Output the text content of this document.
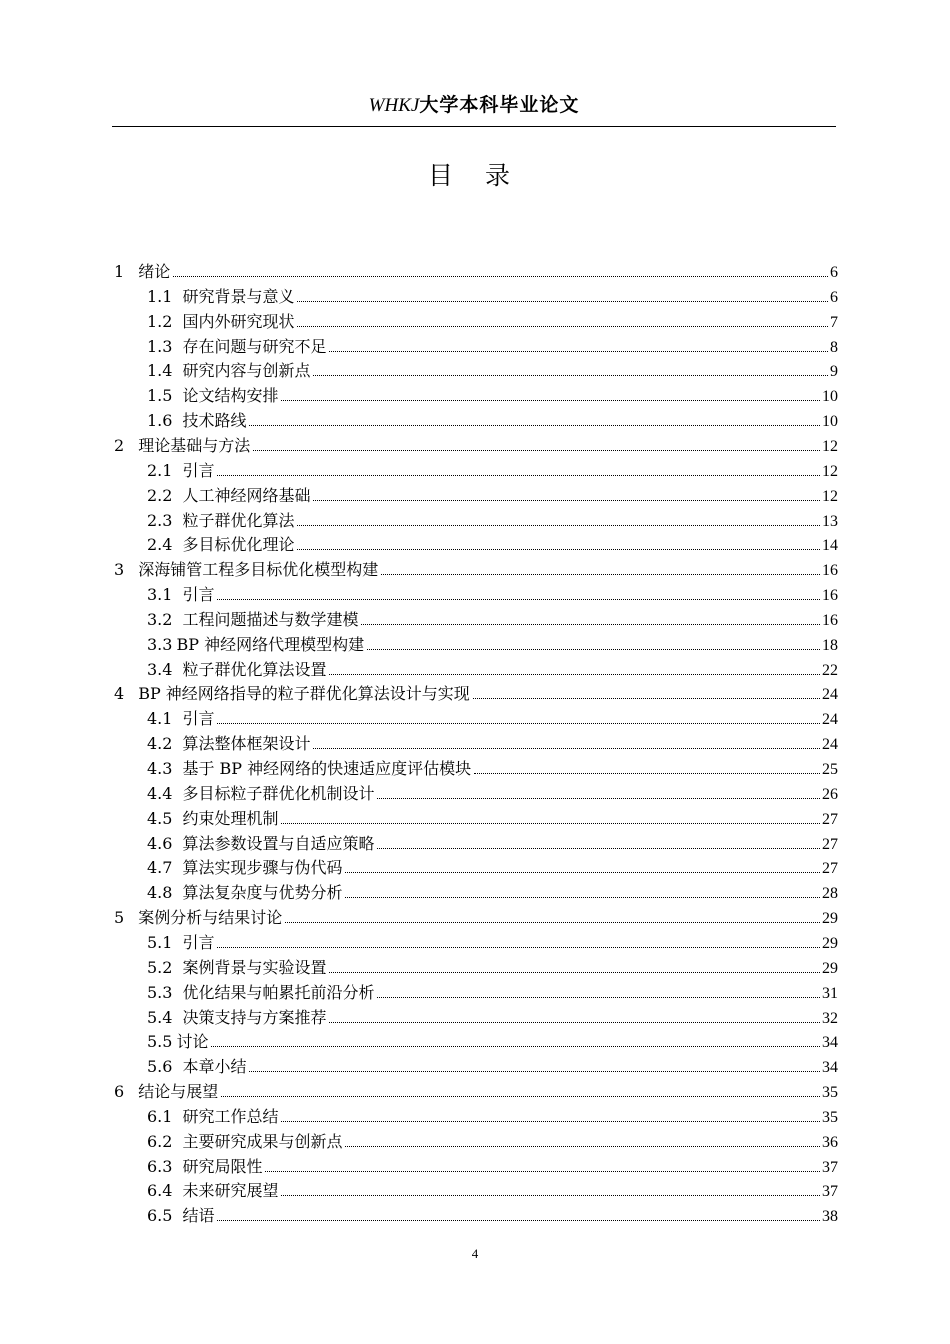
WHKJ大学本科毕业论文
目 录
1 绪论	6
1.1 研究背景与意义	6
1.2 国内外研究现状	7
1.3 存在问题与研究不足	8
1.4 研究内容与创新点	9
1.5 论文结构安排	10
1.6 技术路线	10
2 理论基础与方法	12
2.1 引言	12
2.2 人工神经网络基础	12
2.3 粒子群优化算法	13
2.4 多目标优化理论	14
3 深海铺管工程多目标优化模型构建	16
3.1 引言	16
3.2 工程问题描述与数学建模	16
3.3 BP 神经网络代理模型构建	18
3.4 粒子群优化算法设置	22
4 BP 神经网络指导的粒子群优化算法设计与实现	24
4.1 引言	24
4.2 算法整体框架设计	24
4.3 基于 BP 神经网络的快速适应度评估模块	25
4.4 多目标粒子群优化机制设计	26
4.5 约束处理机制	27
4.6 算法参数设置与自适应策略	27
4.7 算法实现步骤与伪代码	27
4.8 算法复杂度与优势分析	28
5 案例分析与结果讨论	29
5.1 引言	29
5.2 案例背景与实验设置	29
5.3 优化结果与帕累托前沿分析	31
5.4 决策支持与方案推荐	32
5.5 讨论	34
5.6 本章小结	34
6 结论与展望	35
6.1 研究工作总结	35
6.2 主要研究成果与创新点	36
6.3 研究局限性	37
6.4 未来研究展望	37
6.5 结语	38
4
